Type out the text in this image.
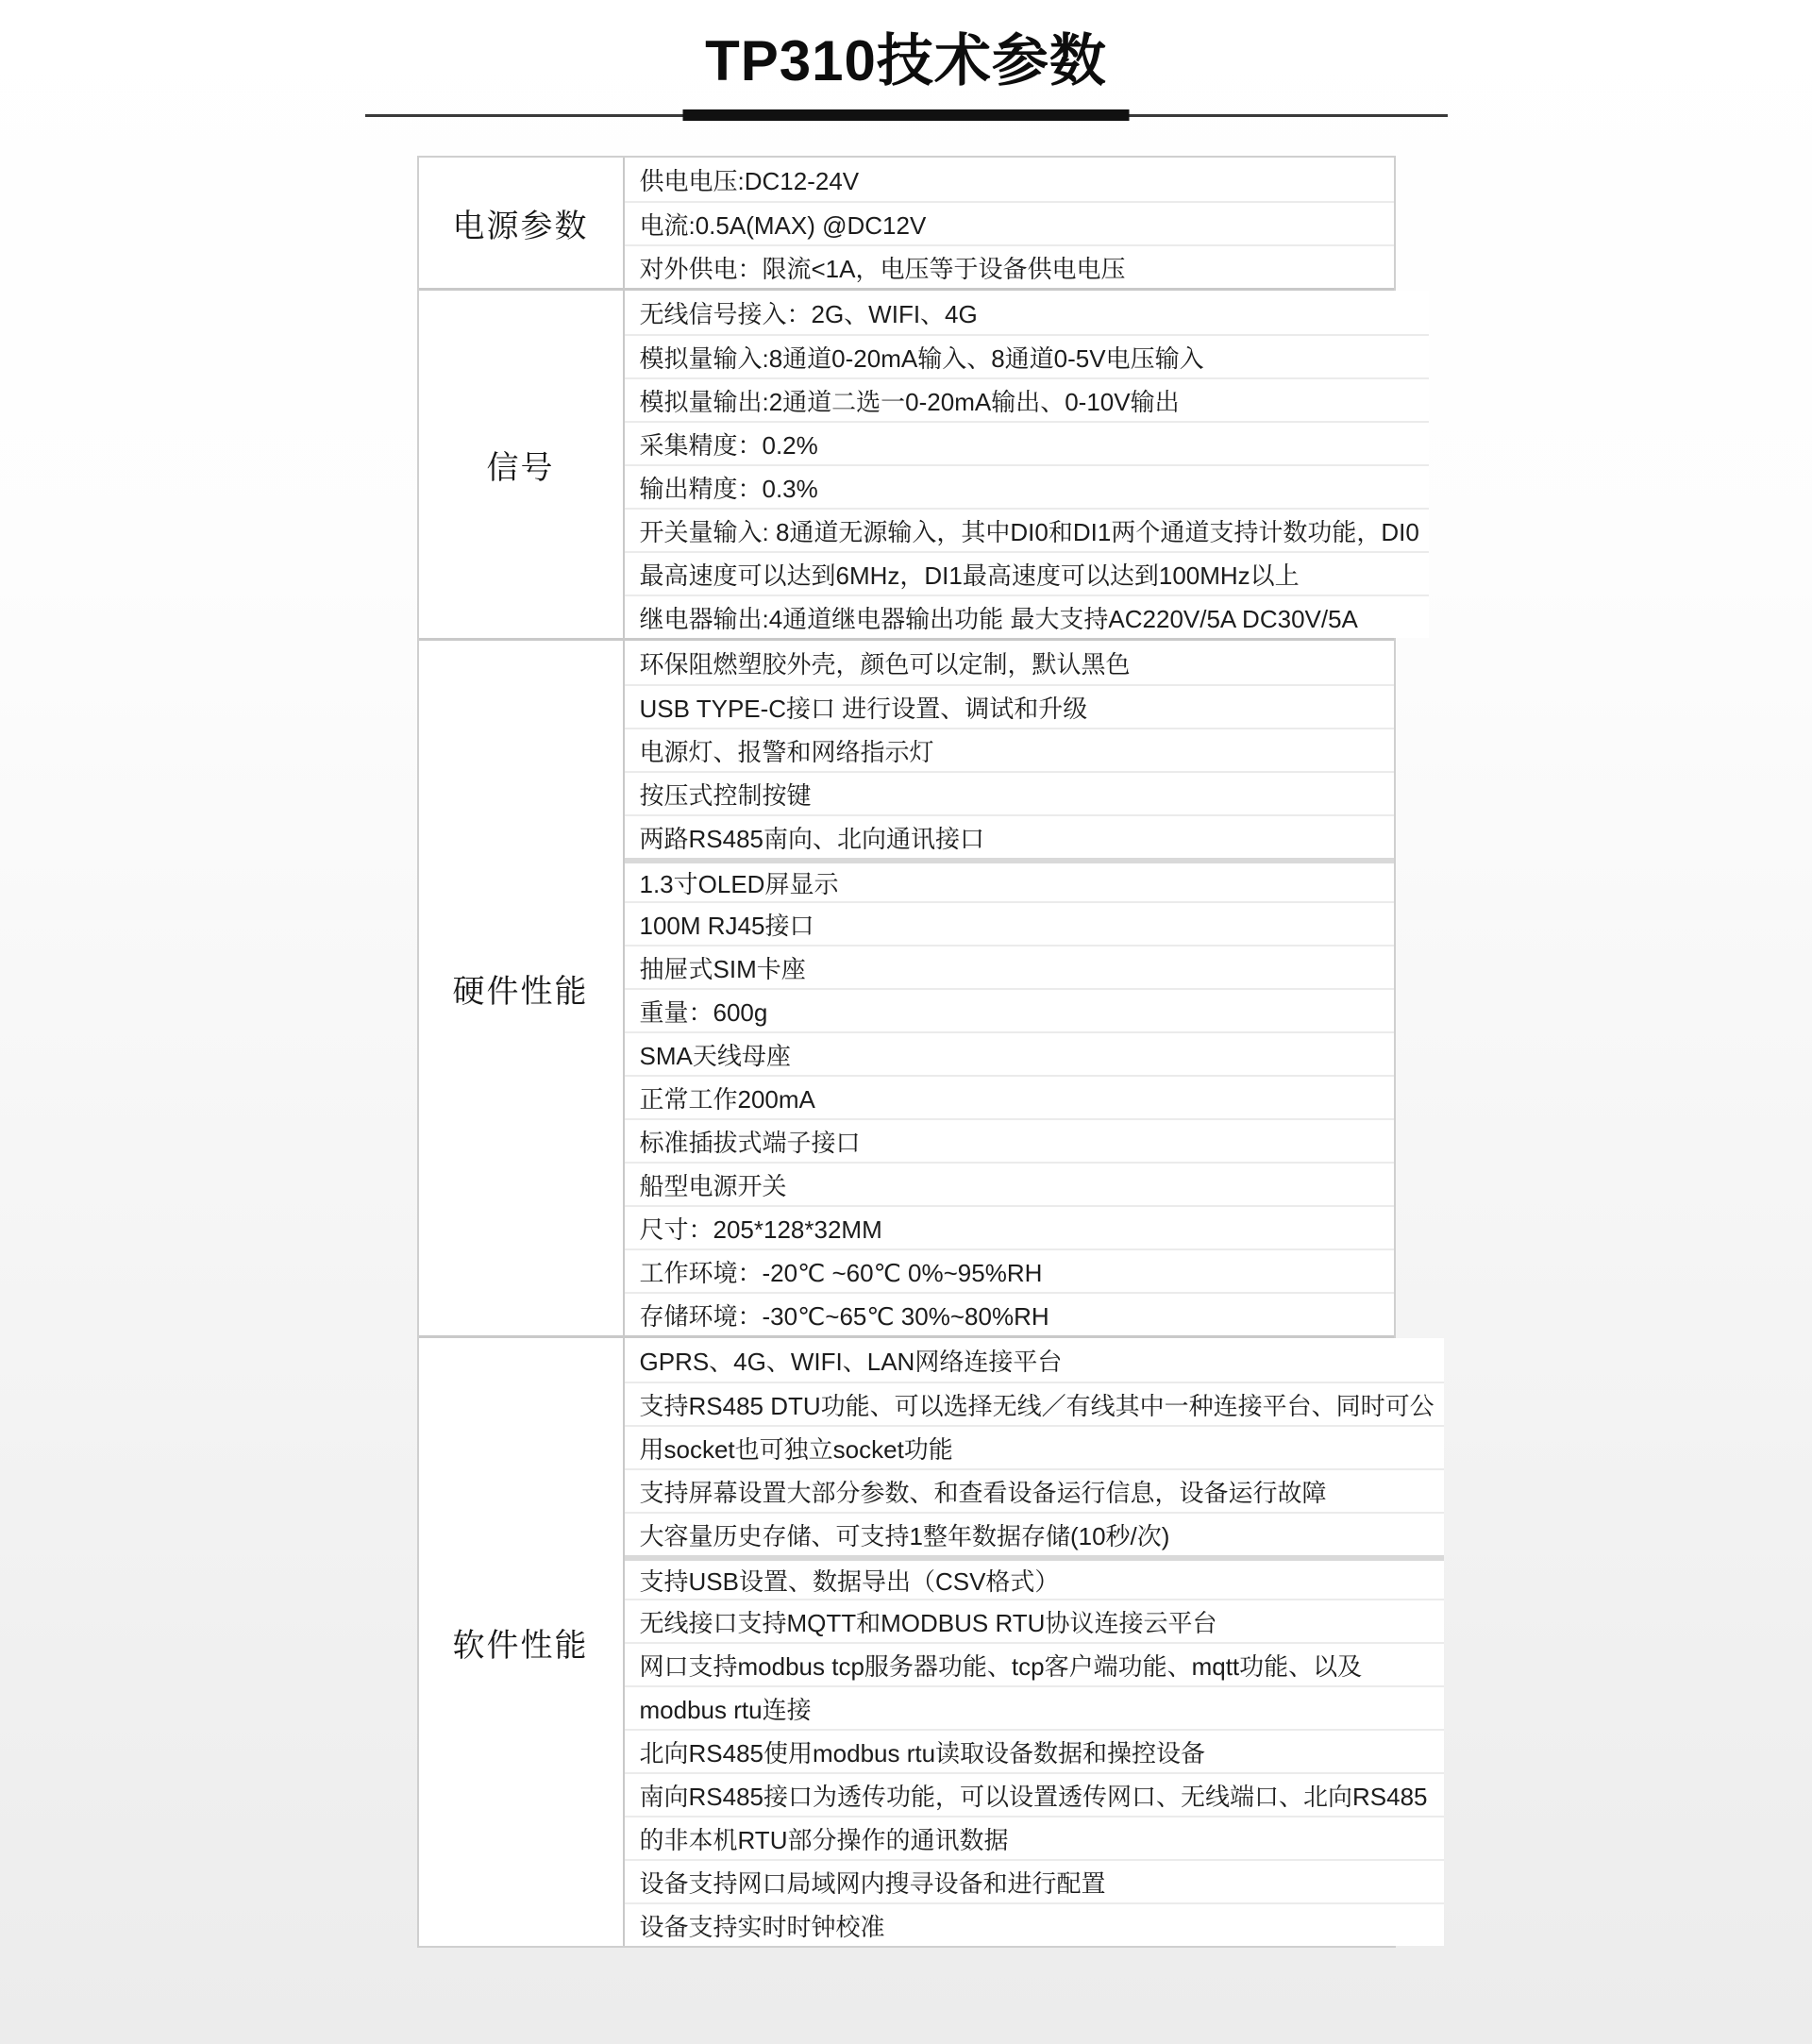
TP310技术参数
电源参数
供电电压:DC12-24V
电流:0.5A(MAX) @DC12V
对外供电：限流<1A，电压等于设备供电电压
信号
无线信号接入：2G、WIFI、4G
模拟量输入:8通道0-20mA输入、8通道0-5V电压输入
模拟量输出:2通道二选一0-20mA输出、0-10V输出
采集精度：0.2%
输出精度：0.3%
开关量输入: 8通道无源输入，其中DI0和DI1两个通道支持计数功能，DI0
最高速度可以达到6MHz，DI1最高速度可以达到100MHz以上
继电器输出:4通道继电器输出功能 最大支持AC220V/5A DC30V/5A
硬件性能
环保阻燃塑胶外壳，颜色可以定制，默认黑色
USB TYPE-C接口 进行设置、调试和升级
电源灯、报警和网络指示灯
按压式控制按键
两路RS485南向、北向通讯接口
1.3寸OLED屏显示
100M RJ45接口
抽屉式SIM卡座
重量：600g
SMA天线母座
正常工作200mA
标准插拔式端子接口
船型电源开关
尺寸：205*128*32MM
工作环境：-20℃ ~60℃ 0%~95%RH
存储环境：-30℃~65℃ 30%~80%RH
软件性能
GPRS、4G、WIFI、LAN网络连接平台
支持RS485 DTU功能、可以选择无线／有线其中一种连接平台、同时可公
用socket也可独立socket功能
支持屏幕设置大部分参数、和查看设备运行信息，设备运行故障
大容量历史存储、可支持1整年数据存储(10秒/次)
支持USB设置、数据导出（CSV格式）
无线接口支持MQTT和MODBUS RTU协议连接云平台
网口支持modbus tcp服务器功能、tcp客户端功能、mqtt功能、以及
modbus rtu连接
北向RS485使用modbus rtu读取设备数据和操控设备
南向RS485接口为透传功能，可以设置透传网口、无线端口、北向RS485
的非本机RTU部分操作的通讯数据
设备支持网口局域网内搜寻设备和进行配置
设备支持实时时钟校准
